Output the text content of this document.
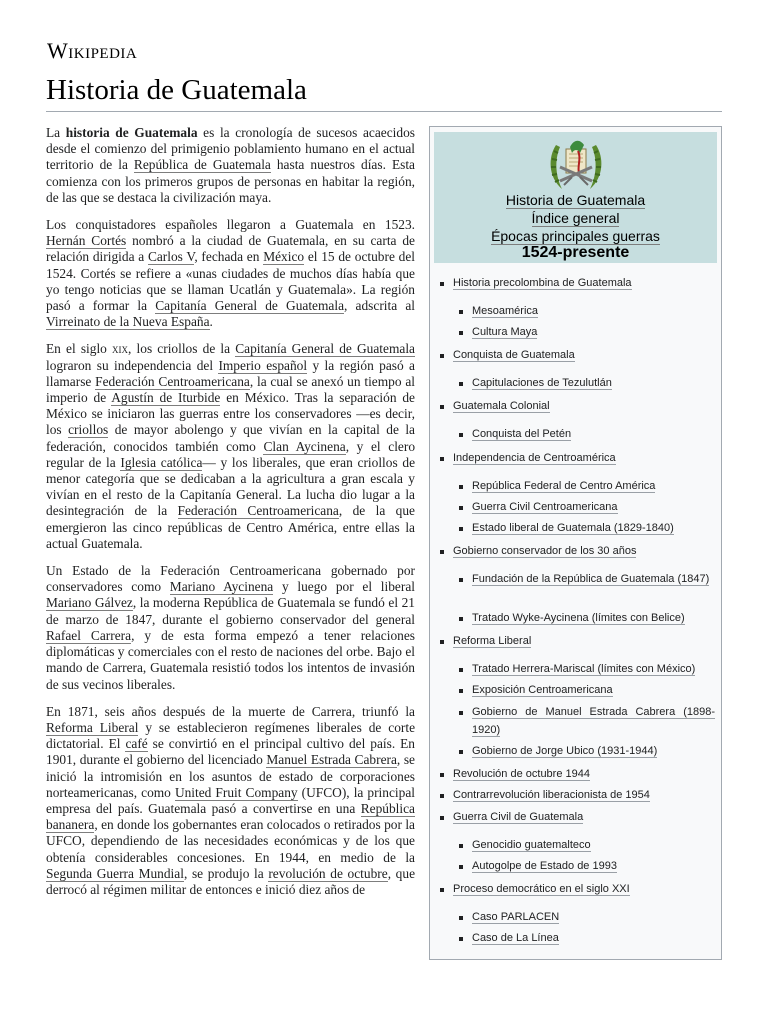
Wikipedia
Historia de Guatemala

La historia de Guatemala es la cronología de sucesos acaecidos desde el comienzo del primigenio poblamiento humano en el actual territorio de la República de Guatemala hasta nuestros días. Esta comienza con los primeros grupos de personas en habitar la región, de las que se destaca la civilización maya.

Los conquistadores españoles llegaron a Guatemala en 1523. Hernán Cortés nombró a la ciudad de Guatemala, en su carta de relación dirigida a Carlos V, fechada en México el 15 de octubre del 1524. Cortés se refiere a «unas ciudades de muchos días había que yo tengo noticias que se llaman Ucatlán y Guatemala». La región pasó a formar la Capitanía General de Guatemala, adscrita al Virreinato de la Nueva España.

En el siglo xix, los criollos de la Capitanía General de Guatemala lograron su independencia del Imperio español y la región pasó a llamarse Federación Centroamericana, la cual se anexó un tiempo al imperio de Agustín de Iturbide en México. Tras la separación de México se iniciaron las guerras entre los conservadores —es decir, los criollos de mayor abolengo y que vivían en la capital de la federación, conocidos también como Clan Aycinena, y el clero regular de la Iglesia católica— y los liberales, que eran criollos de menor categoría que se dedicaban a la agricultura a gran escala y vivían en el resto de la Capitanía General. La lucha dio lugar a la desintegración de la Federación Centroamericana, de la que emergieron las cinco repúblicas de Centro América, entre ellas la actual Guatemala.

Un Estado de la Federación Centroamericana gobernado por conservadores como Mariano Aycinena y luego por el liberal Mariano Gálvez, la moderna República de Guatemala se fundó el 21 de marzo de 1847, durante el gobierno conservador del general Rafael Carrera, y de esta forma empezó a tener relaciones diplomáticas y comerciales con el resto de naciones del orbe. Bajo el mando de Carrera, Guatemala resistió todos los intentos de invasión de sus vecinos liberales.

En 1871, seis años después de la muerte de Carrera, triunfó la Reforma Liberal y se establecieron regímenes liberales de corte dictatorial. El café se convirtió en el principal cultivo del país. En 1901, durante el gobierno del licenciado Manuel Estrada Cabrera, se inició la intromisión en los asuntos de estado de corporaciones norteamericanas, como United Fruit Company (UFCO), la principal empresa del país. Guatemala pasó a convertirse en una República bananera, en donde los gobernantes eran colocados o retirados por la UFCO, dependiendo de las necesidades económicas y de los que obtenía considerables concesiones. En 1944, en medio de la Segunda Guerra Mundial, se produjo la revolución de octubre, que derrocó al régimen militar de entonces e inició diez años de

Historia de Guatemala
Índice general
Épocas principales guerras
1524-presente
Historia precolombina de Guatemala
Mesoamérica
Cultura Maya
Conquista de Guatemala
Capitulaciones de Tezulutlán
Guatemala Colonial
Conquista del Petén
Independencia de Centroamérica
República Federal de Centro América
Guerra Civil Centroamericana
Estado liberal de Guatemala (1829-1840)
Gobierno conservador de los 30 años
Fundación de la República de Guatemala (1847)
Tratado Wyke-Aycinena (límites con Belice)
Reforma Liberal
Tratado Herrera-Mariscal (límites con México)
Exposición Centroamericana
Gobierno de Manuel Estrada Cabrera (1898-1920)
Gobierno de Jorge Ubico (1931-1944)
Revolución de octubre 1944
Contrarrevolución liberacionista de 1954
Guerra Civil de Guatemala
Genocidio guatemalteco
Autogolpe de Estado de 1993
Proceso democrático en el siglo XXI
Caso PARLACEN
Caso de La Línea
